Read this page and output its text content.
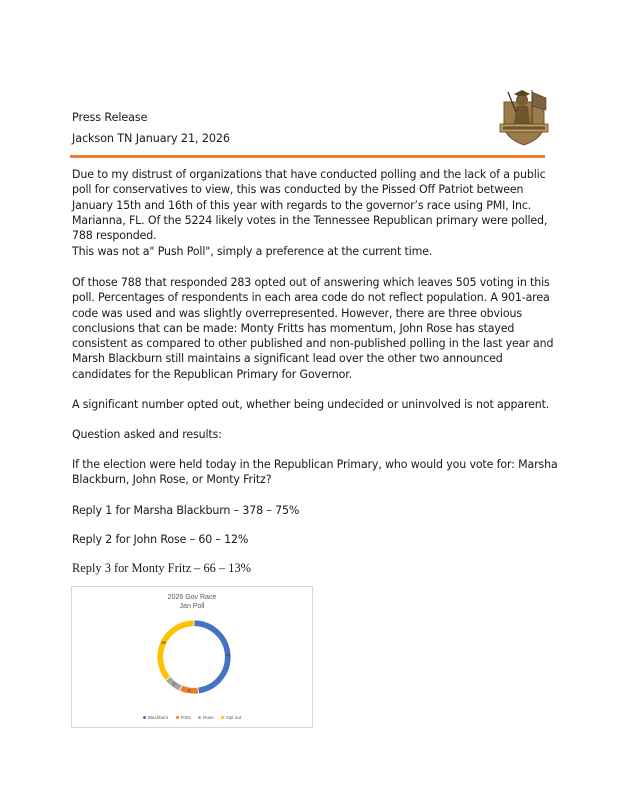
Press Release
Jackson TN January 21, 2026

Due to my distrust of organizations that have conducted polling and the lack of a public poll for conservatives to view, this was conducted by the Pissed Off Patriot between January 15th and 16th of this year with regards to the governor’s race using PMI, Inc. Marianna, FL. Of the 5224 likely votes in the Tennessee Republican primary were polled, 788 responded.

This was not a" Push Poll", simply a preference at the current time.

Of those 788 that responded 283 opted out of answering which leaves 505 voting in this poll. Percentages of respondents in each area code do not reflect population. A 901-area code was used and was slightly overrepresented. However, there are three obvious conclusions that can be made: Monty Fritts has momentum, John Rose has stayed consistent as compared to other published and non-published polling in the last year and Marsh Blackburn still maintains a significant lead over the other two announced candidates for the Republican Primary for Governor.

A significant number opted out, whether being undecided or uninvolved is not apparent.

Question asked and results:

If the election were held today in the Republican Primary, who would you vote for: Marsha Blackburn, John Rose, or Monty Fritz?

Reply 1 for Marsha Blackburn – 378 – 75%

Reply 2 for John Rose – 60 – 12%

Reply 3 for Monty Fritz – 66 – 13%

2026 Gov Race
Jan Poll
48
8
8
36
Blackburn	Fritts	Rose	Opt out
